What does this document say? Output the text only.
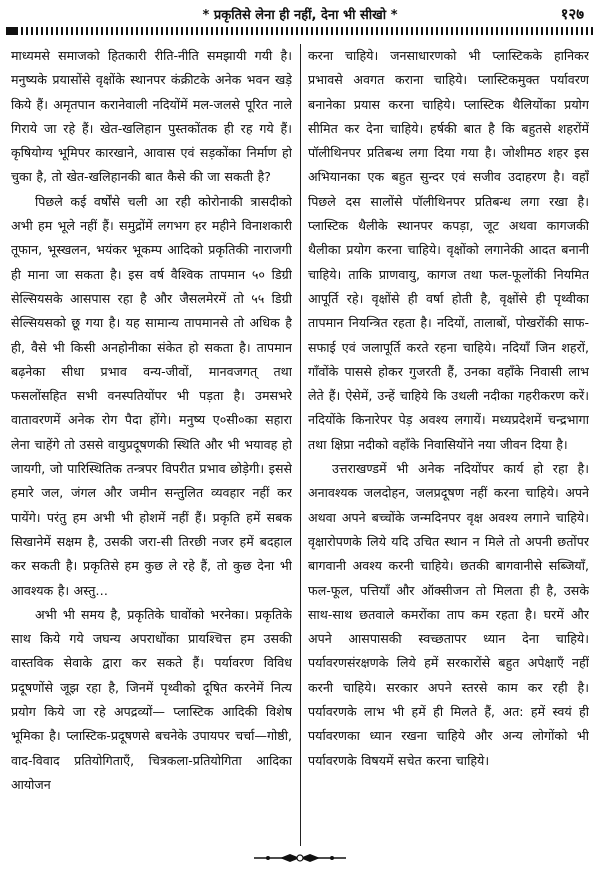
* प्रकृतिसे लेना ही नहीं, देना भी सीखो *	१२७

माध्यमसे समाजको हितकारी रीति-नीति समझायी गयी है। मनुष्यके प्रयासोंसे वृक्षोंके स्थानपर कंक्रीटके अनेक भवन खड़े किये हैं। अमृतपान करानेवाली नदियोंमें मल-जलसे पूरित नाले गिराये जा रहे हैं। खेत-खलिहान पुस्तकोंतक ही रह गये हैं। कृषियोग्य भूमिपर कारखाने, आवास एवं सड़कोंका निर्माण हो चुका है, तो खेत-खलिहानकी बात कैसे की जा सकती है?

पिछले कई वर्षोंसे चली आ रही कोरोनाकी त्रासदीको अभी हम भूले नहीं हैं। समुद्रोंमें लगभग हर महीने विनाशकारी तूफान, भूस्खलन, भयंकर भूकम्प आदिको प्रकृतिकी नाराजगी ही माना जा सकता है। इस वर्ष वैश्विक तापमान ५० डिग्री सेल्सियसके आसपास रहा है और जैसलमेरमें तो ५५ डिग्री सेल्सियसको छू गया है। यह सामान्य तापमानसे तो अधिक है ही, वैसे भी किसी अनहोनीका संकेत हो सकता है। तापमान बढ़नेका सीधा प्रभाव वन्य-जीवों, मानवजगत् तथा फसलोंसहित सभी वनस्पतियोंपर भी पड़ता है। उमसभरे वातावरणमें अनेक रोग पैदा होंगे। मनुष्य ए०सी०का सहारा लेना चाहेंगे तो उससे वायुप्रदूषणकी स्थिति और भी भयावह हो जायगी, जो पारिस्थितिक तन्त्रपर विपरीत प्रभाव छोड़ेगी। इससे हमारे जल, जंगल और जमीन सन्तुलित व्यवहार नहीं कर पायेंगे। परंतु हम अभी भी होशमें नहीं हैं। प्रकृति हमें सबक सिखानेमें सक्षम है, उसकी जरा-सी तिरछी नजर हमें बदहाल कर सकती है। प्रकृतिसे हम कुछ ले रहे हैं, तो कुछ देना भी आवश्यक है। अस्तु…

अभी भी समय है, प्रकृतिके घावोंको भरनेका। प्रकृतिके साथ किये गये जघन्य अपराधोंका प्रायश्चित्त हम उसकी वास्तविक सेवाके द्वारा कर सकते हैं। पर्यावरण विविध प्रदूषणोंसे जूझ रहा है, जिनमें पृथ्वीको दूषित करनेमें नित्य प्रयोग किये जा रहे अपद्रव्यों— प्लास्टिक आदिकी विशेष भूमिका है। प्लास्टिक-प्रदूषणसे बचनेके उपायपर चर्चा—गोष्ठी, वाद-विवाद प्रतियोगिताएँ, चित्रकला-प्रतियोगिता आदिका आयोजन

करना चाहिये। जनसाधारणको भी प्लास्टिकके हानिकर प्रभावसे अवगत कराना चाहिये। प्लास्टिकमुक्त पर्यावरण बनानेका प्रयास करना चाहिये। प्लास्टिक थैलियोंका प्रयोग सीमित कर देना चाहिये। हर्षकी बात है कि बहुतसे शहरोंमें पॉलीथिनपर प्रतिबन्ध लगा दिया गया है। जोशीमठ शहर इस अभियानका एक बहुत सुन्दर एवं सजीव उदाहरण है। वहाँ पिछले दस सालोंसे पॉलीथिनपर प्रतिबन्ध लगा रखा है। प्लास्टिक थैलीके स्थानपर कपड़ा, जूट अथवा कागजकी थैलीका प्रयोग करना चाहिये। वृक्षोंको लगानेकी आदत बनानी चाहिये। ताकि प्राणवायु, कागज तथा फल-फूलोंकी नियमित आपूर्ति रहे। वृक्षोंसे ही वर्षा होती है, वृक्षोंसे ही पृथ्वीका तापमान नियन्त्रित रहता है। नदियों, तालाबों, पोखरोंकी साफ-सफाई एवं जलापूर्ति करते रहना चाहिये। नदियाँ जिन शहरों, गाँवोंके पाससे होकर गुजरती हैं, उनका वहाँके निवासी लाभ लेते हैं। ऐसेमें, उन्हें चाहिये कि उथली नदीका गहरीकरण करें। नदियोंके किनारेपर पेड़ अवश्य लगायें। मध्यप्रदेशमें चन्द्रभागा तथा क्षिप्रा नदीको वहाँके निवासियोंने नया जीवन दिया है।

उत्तराखण्डमें भी अनेक नदियोंपर कार्य हो रहा है। अनावश्यक जलदोहन, जलप्रदूषण नहीं करना चाहिये। अपने अथवा अपने बच्चोंके जन्मदिनपर वृक्ष अवश्य लगाने चाहिये। वृक्षारोपणके लिये यदि उचित स्थान न मिले तो अपनी छतोंपर बागवानी अवश्य करनी चाहिये। छतकी बागवानीसे सब्जियाँ, फल-फूल, पत्तियाँ और ऑक्सीजन तो मिलता ही है, उसके साथ-साथ छतवाले कमरोंका ताप कम रहता है। घरमें और अपने आसपासकी स्वच्छतापर ध्यान देना चाहिये। पर्यावरणसंरक्षणके लिये हमें सरकारोंसे बहुत अपेक्षाएँ नहीं करनी चाहिये। सरकार अपने स्तरसे काम कर रही है। पर्यावरणके लाभ भी हमें ही मिलते हैं, अत: हमें स्वयं ही पर्यावरणका ध्यान रखना चाहिये और अन्य लोगोंको भी पर्यावरणके विषयमें सचेत करना चाहिये।
